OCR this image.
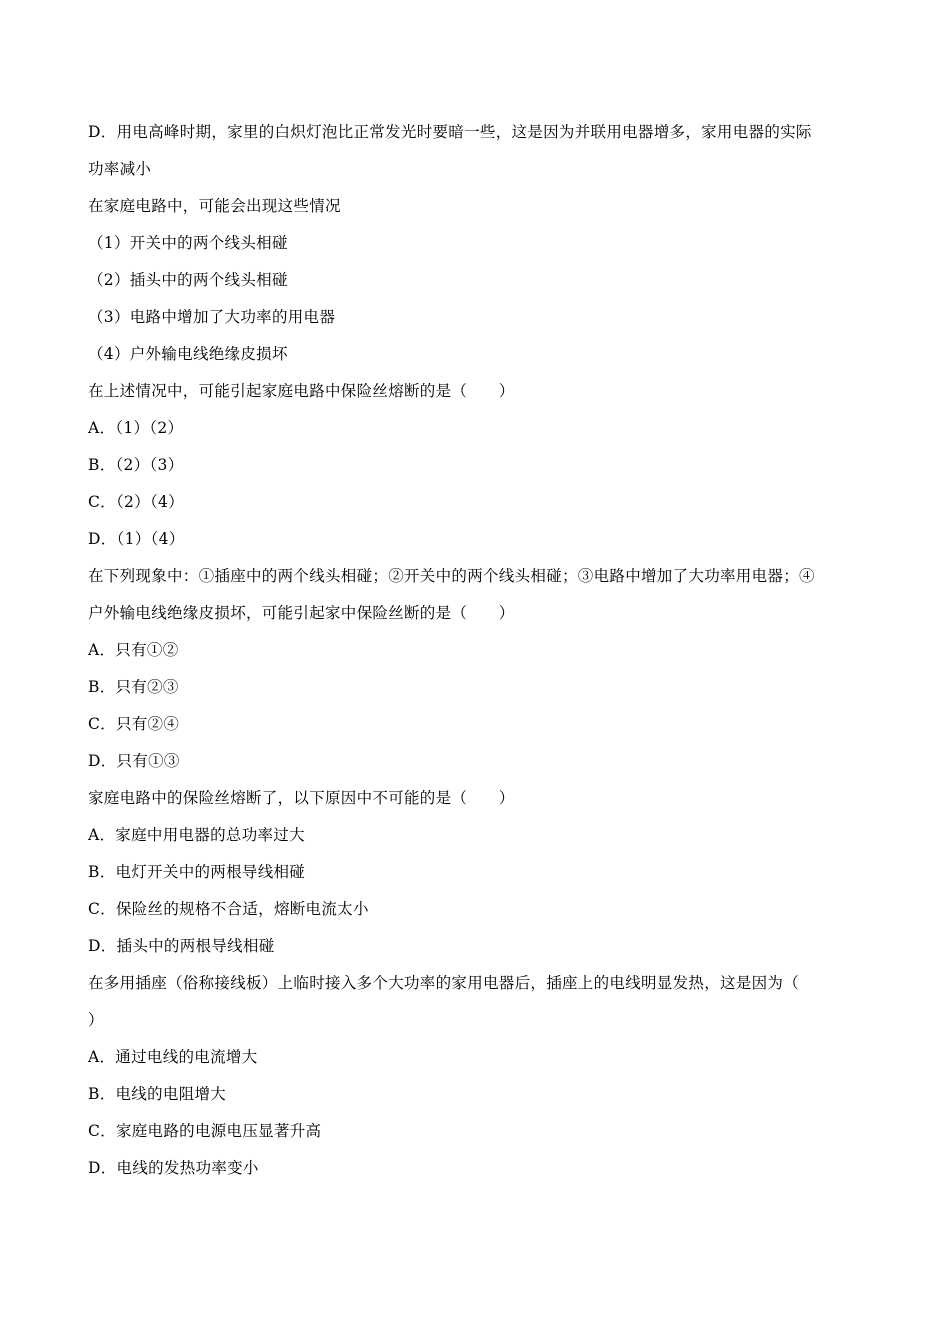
D．用电高峰时期，家里的白炽灯泡比正常发光时要暗一些，这是因为并联用电器增多，家用电器的实际
功率减小
在家庭电路中，可能会出现这些情况
（1）开关中的两个线头相碰
（2）插头中的两个线头相碰
（3）电路中增加了大功率的用电器
（4）户外输电线绝缘皮损坏
在上述情况中，可能引起家庭电路中保险丝熔断的是（　　）
A．（1）（2）
B．（2）（3）
C．（2）（4）
D．（1）（4）
在下列现象中：①插座中的两个线头相碰；②开关中的两个线头相碰；③电路中增加了大功率用电器；④
户外输电线绝缘皮损坏，可能引起家中保险丝断的是（　　）
A．只有①②
B．只有②③
C．只有②④
D．只有①③
家庭电路中的保险丝熔断了，以下原因中不可能的是（　　）
A．家庭中用电器的总功率过大
B．电灯开关中的两根导线相碰
C．保险丝的规格不合适，熔断电流太小
D．插头中的两根导线相碰
在多用插座（俗称接线板）上临时接入多个大功率的家用电器后，插座上的电线明显发热，这是因为（
）
A．通过电线的电流增大
B．电线的电阻增大
C．家庭电路的电源电压显著升高
D．电线的发热功率变小
